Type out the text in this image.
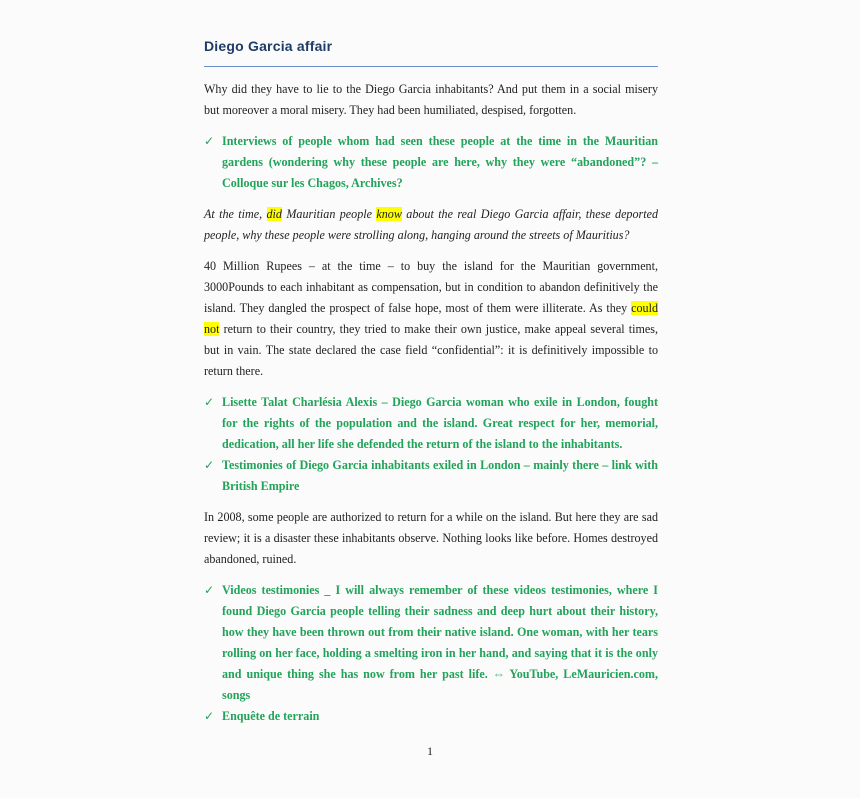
Diego Garcia affair

Why did they have to lie to the Diego Garcia inhabitants? And put them in a social misery but moreover a moral misery. They had been humiliated, despised, forgotten.

✓ Interviews of people whom had seen these people at the time in the Mauritian gardens (wondering why these people are here, why they were “abandoned”? – Colloque sur les Chagos, Archives?

At the time, did Mauritian people know about the real Diego Garcia affair, these deported people, why these people were strolling along, hanging around the streets of Mauritius?

40 Million Rupees – at the time – to buy the island for the Mauritian government, 3000Pounds to each inhabitant as compensation, but in condition to abandon definitively the island. They dangled the prospect of false hope, most of them were illiterate. As they could not return to their country, they tried to make their own justice, make appeal several times, but in vain. The state declared the case field “confidential”: it is definitively impossible to return there.

✓ Lisette Talat Charlésia Alexis – Diego Garcia woman who exile in London, fought for the rights of the population and the island. Great respect for her, memorial, dedication, all her life she defended the return of the island to the inhabitants.
✓ Testimonies of Diego Garcia inhabitants exiled in London – mainly there – link with British Empire

In 2008, some people are authorized to return for a while on the island. But here they are sad review; it is a disaster these inhabitants observe. Nothing looks like before. Homes destroyed abandoned, ruined.

✓ Videos testimonies _ I will always remember of these videos testimonies, where I found Diego Garcia people telling their sadness and deep hurt about their history, how they have been thrown out from their native island. One woman, with her tears rolling on her face, holding a smelting iron in her hand, and saying that it is the only and unique thing she has now from her past life. ⇔ YouTube, LeMauricien.com, songs
✓ Enquête de terrain
1
